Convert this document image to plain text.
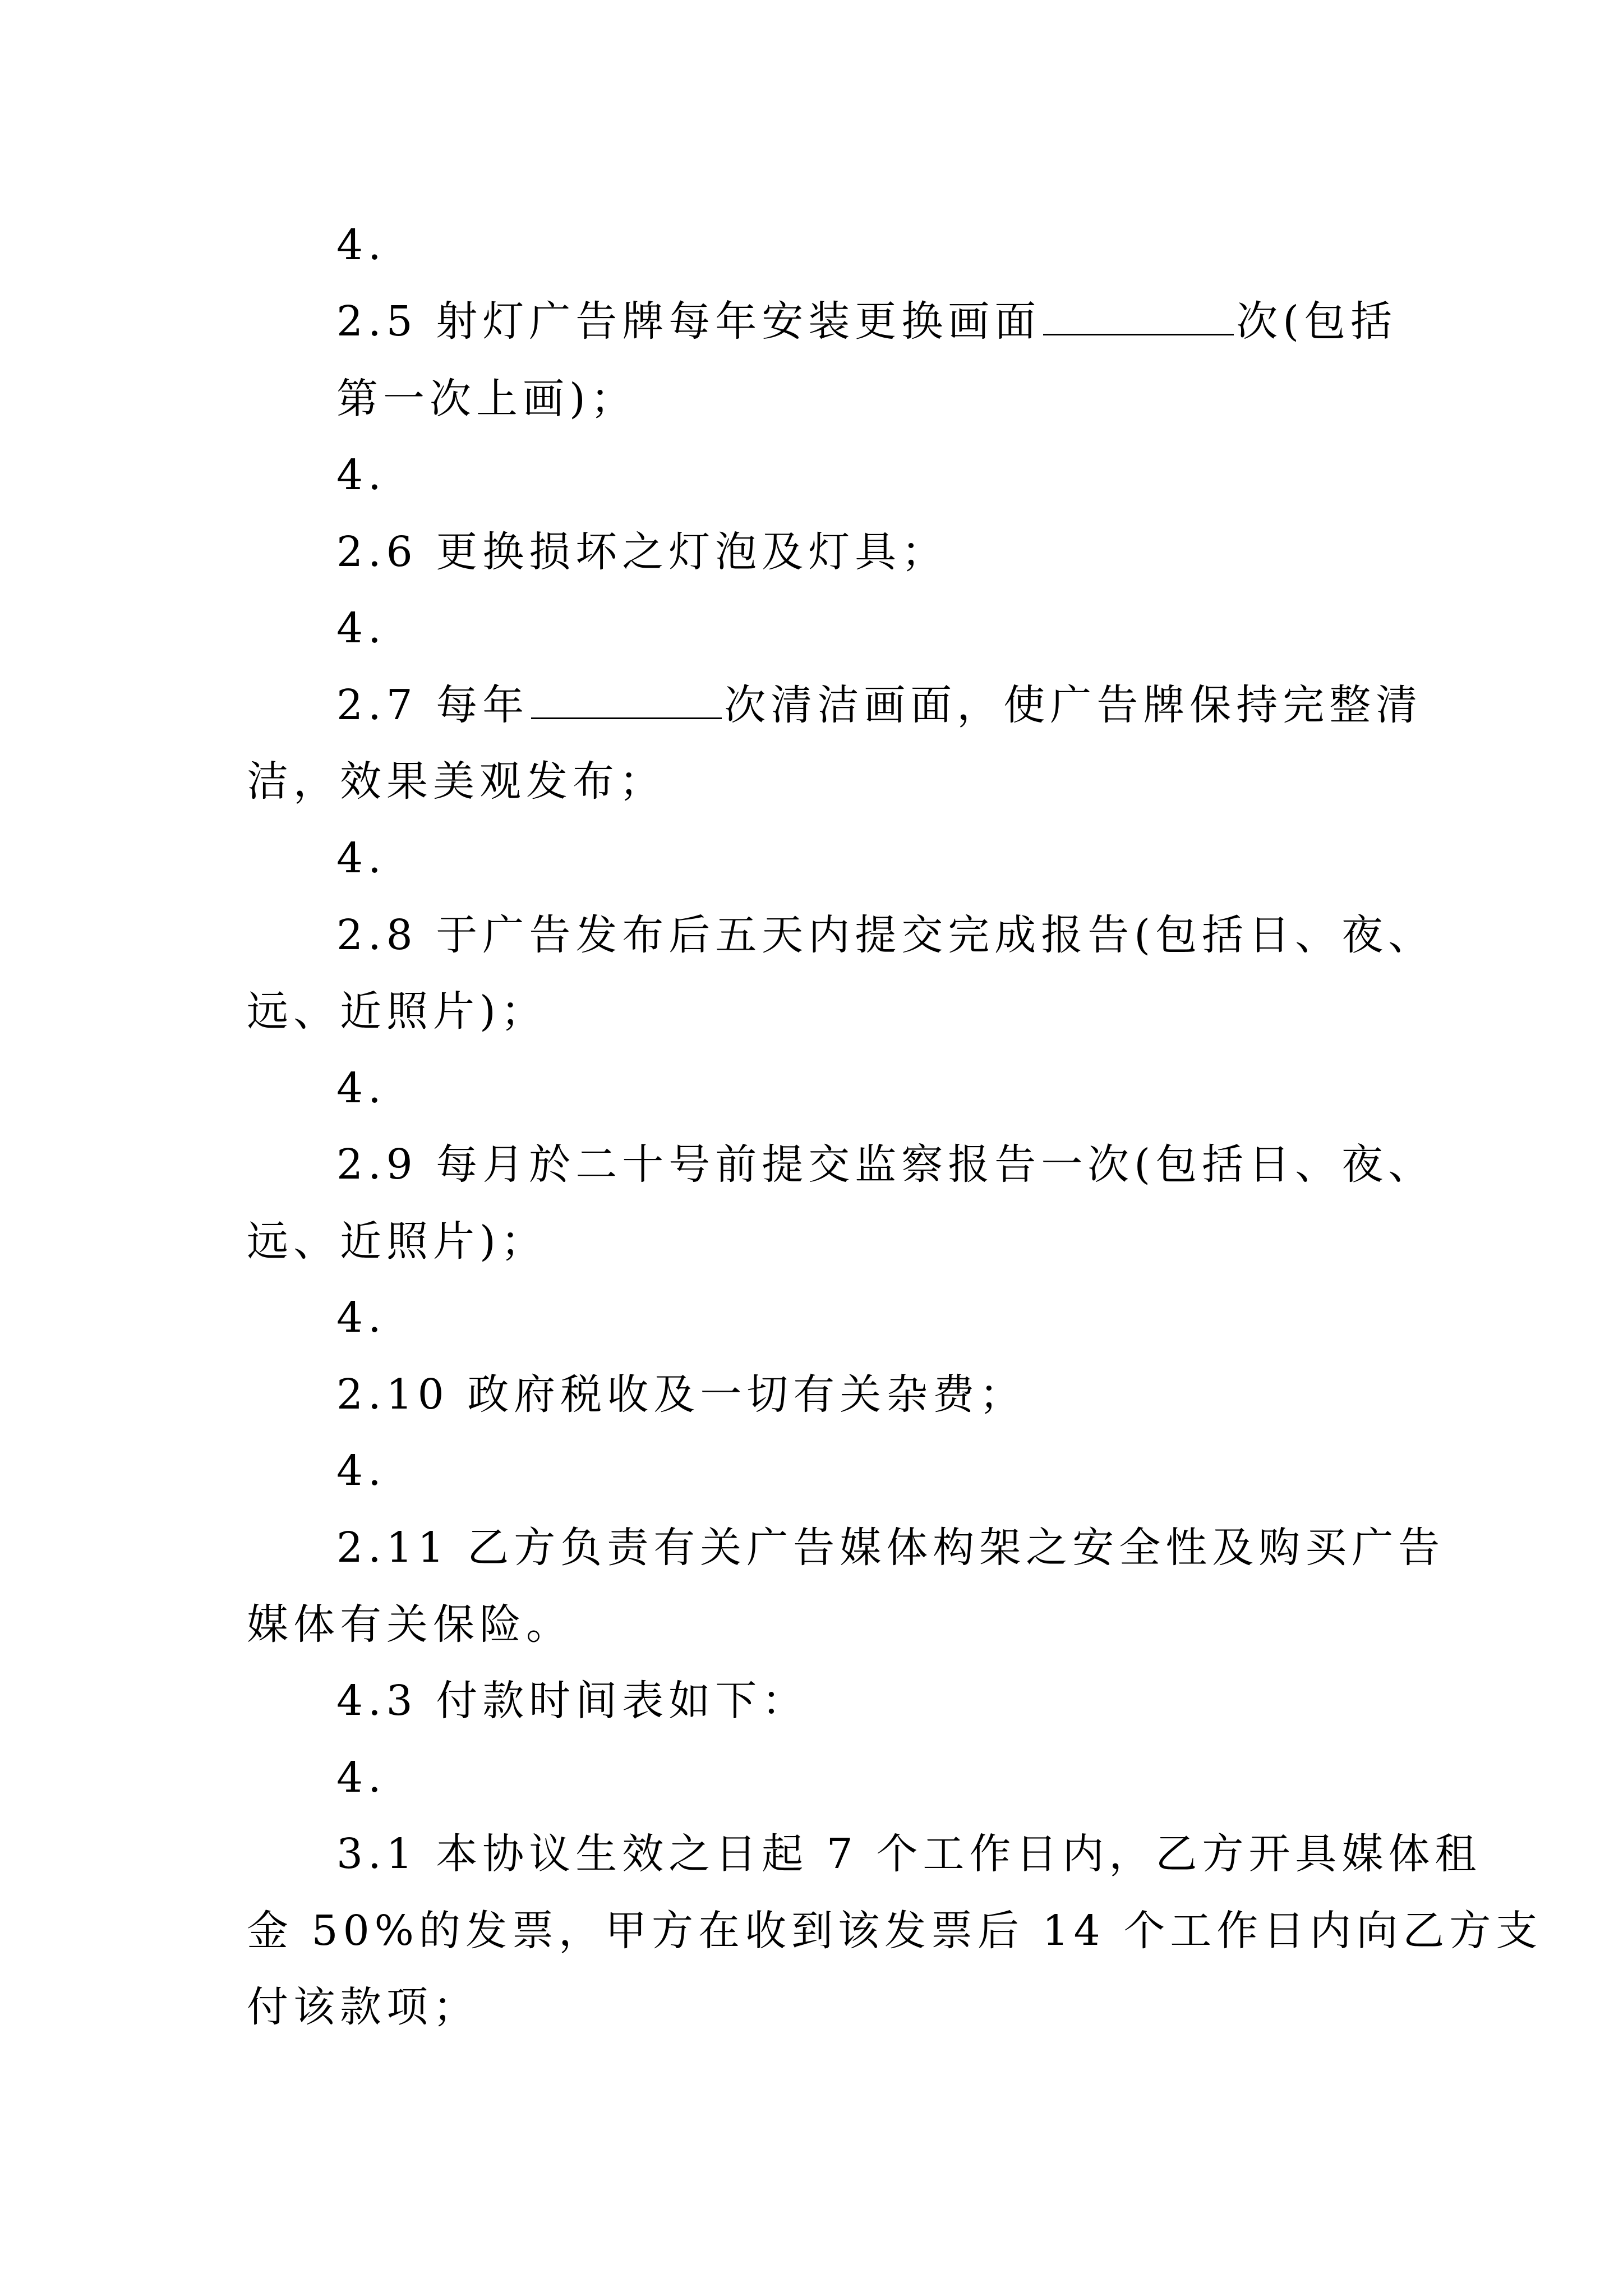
4.
2.5 射灯广告牌每年安装更换画面	次(包括
第一次上画)；
4.
2.6 更换损坏之灯泡及灯具；
4.
2.7 每年	次清洁画面，使广告牌保持完整清
洁，效果美观发布；
4.
2.8 于广告发布后五天内提交完成报告(包括日、夜、
远、近照片)；
4.
2.9 每月於二十号前提交监察报告一次(包括日、夜、
远、近照片)；
4.
2.10 政府税收及一切有关杂费；
4.
2.11 乙方负责有关广告媒体构架之安全性及购买广告
媒体有关保险。
4.3 付款时间表如下：
4.
3.1 本协议生效之日起 7 个工作日内，乙方开具媒体租
金 50%的发票，甲方在收到该发票后 14 个工作日内向乙方支
付该款项；
